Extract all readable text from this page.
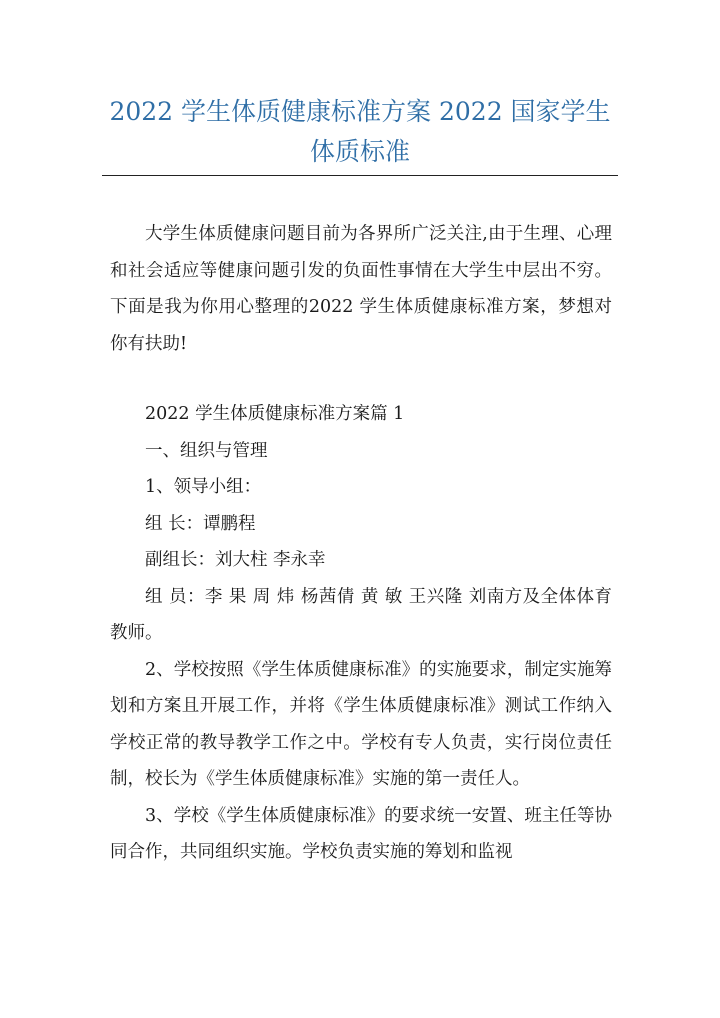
2022 学生体质健康标准方案 2022 国家学生体质标准

大学生体质健康问题目前为各界所广泛关注,由于生理、心理和社会适应等健康问题引发的负面性事情在大学生中层出不穷。下面是我为你用心整理的2022 学生体质健康标准方案，梦想对你有扶助!

2022 学生体质健康标准方案篇 1

一、组织与管理

1、领导小组：

组 长：谭鹏程

副组长：刘大柱 李永幸

组 员：李 果 周 炜 杨茜倩 黄 敏 王兴隆 刘南方及全体体育教师。

2、学校按照《学生体质健康标准》的实施要求，制定实施筹划和方案且开展工作，并将《学生体质健康标准》测试工作纳入学校正常的教导教学工作之中。学校有专人负责，实行岗位责任制，校长为《学生体质健康标准》实施的第一责任人。

3、学校《学生体质健康标准》的要求统一安置、班主任等协同合作，共同组织实施。学校负责实施的筹划和监视
